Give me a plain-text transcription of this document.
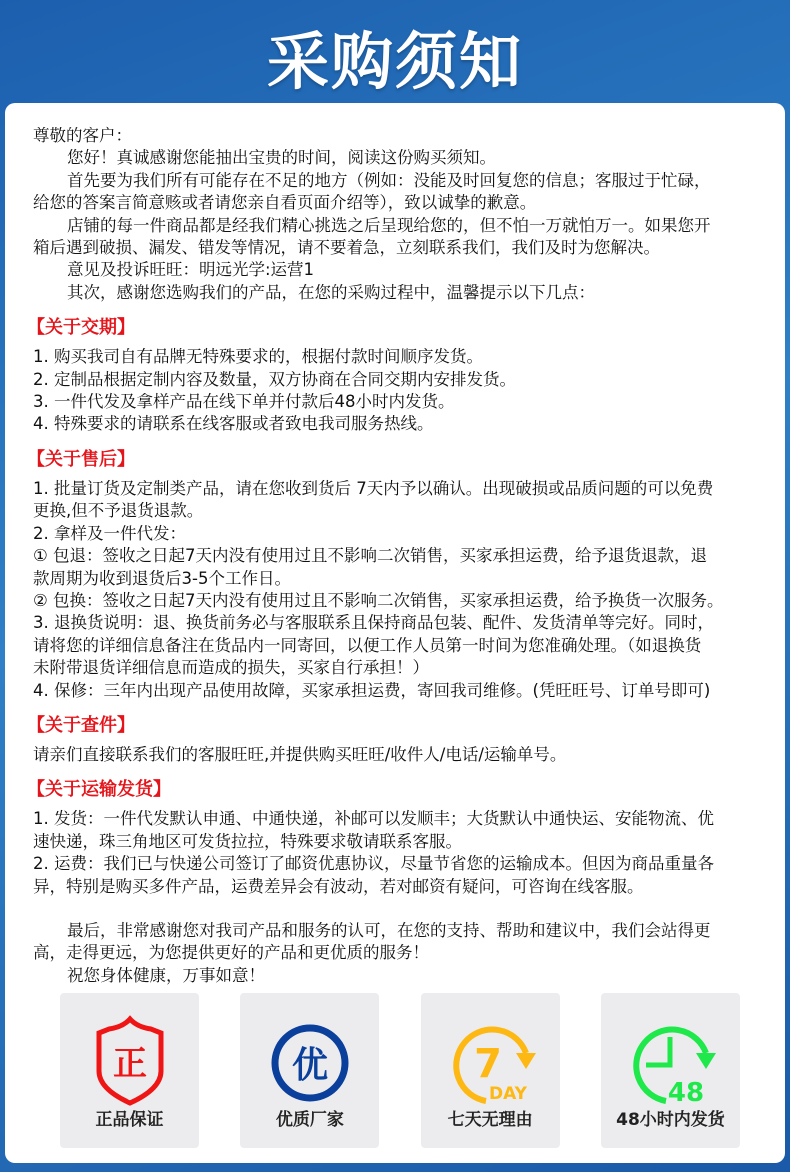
采购须知
尊敬的客户：
您好！真诚感谢您能抽出宝贵的时间，阅读这份购买须知。
首先要为我们所有可能存在不足的地方（例如：没能及时回复您的信息；客服过于忙碌，
给您的答案言简意赅或者请您亲自看页面介绍等），致以诚挚的歉意。
店铺的每一件商品都是经我们精心挑选之后呈现给您的，但不怕一万就怕万一。如果您开
箱后遇到破损、漏发、错发等情况，请不要着急，立刻联系我们，我们及时为您解决。
意见及投诉旺旺：明远光学:运营1
其次，感谢您选购我们的产品，在您的采购过程中，温馨提示以下几点：
【关于交期】
1. 购买我司自有品牌无特殊要求的，根据付款时间顺序发货。
2. 定制品根据定制内容及数量，双方协商在合同交期内安排发货。
3. 一件代发及拿样产品在线下单并付款后48小时内发货。
4. 特殊要求的请联系在线客服或者致电我司服务热线。
【关于售后】
1. 批量订货及定制类产品，请在您收到货后 7天内予以确认。出现破损或品质问题的可以免费
更换,但不予退货退款。
2. 拿样及一件代发：
① 包退：签收之日起7天内没有使用过且不影响二次销售，买家承担运费，给予退货退款，退
款周期为收到退货后3-5个工作日。
② 包换：签收之日起7天内没有使用过且不影响二次销售，买家承担运费，给予换货一次服务。
3. 退换货说明：退、换货前务必与客服联系且保持商品包装、配件、发货清单等完好。同时，
请将您的详细信息备注在货品内一同寄回，以便工作人员第一时间为您准确处理。（如退换货
未附带退货详细信息而造成的损失，买家自行承担！）
4. 保修：三年内出现产品使用故障，买家承担运费，寄回我司维修。(凭旺旺号、订单号即可)
【关于查件】
请亲们直接联系我们的客服旺旺,并提供购买旺旺/收件人/电话/运输单号。
【关于运输发货】
1. 发货：一件代发默认申通、中通快递，补邮可以发顺丰；大货默认中通快运、安能物流、优
速快递，珠三角地区可发货拉拉，特殊要求敬请联系客服。
2. 运费：我们已与快递公司签订了邮资优惠协议，尽量节省您的运输成本。但因为商品重量各
异，特别是购买多件产品，运费差异会有波动，若对邮资有疑问，可咨询在线客服。
最后，非常感谢您对我司产品和服务的认可，在您的支持、帮助和建议中，我们会站得更
高，走得更远，为您提供更好的产品和更优质的服务！
祝您身体健康，万事如意！
正
正品保证
优
优质厂家
7
DAY
七天无理由
48
48小时内发货
